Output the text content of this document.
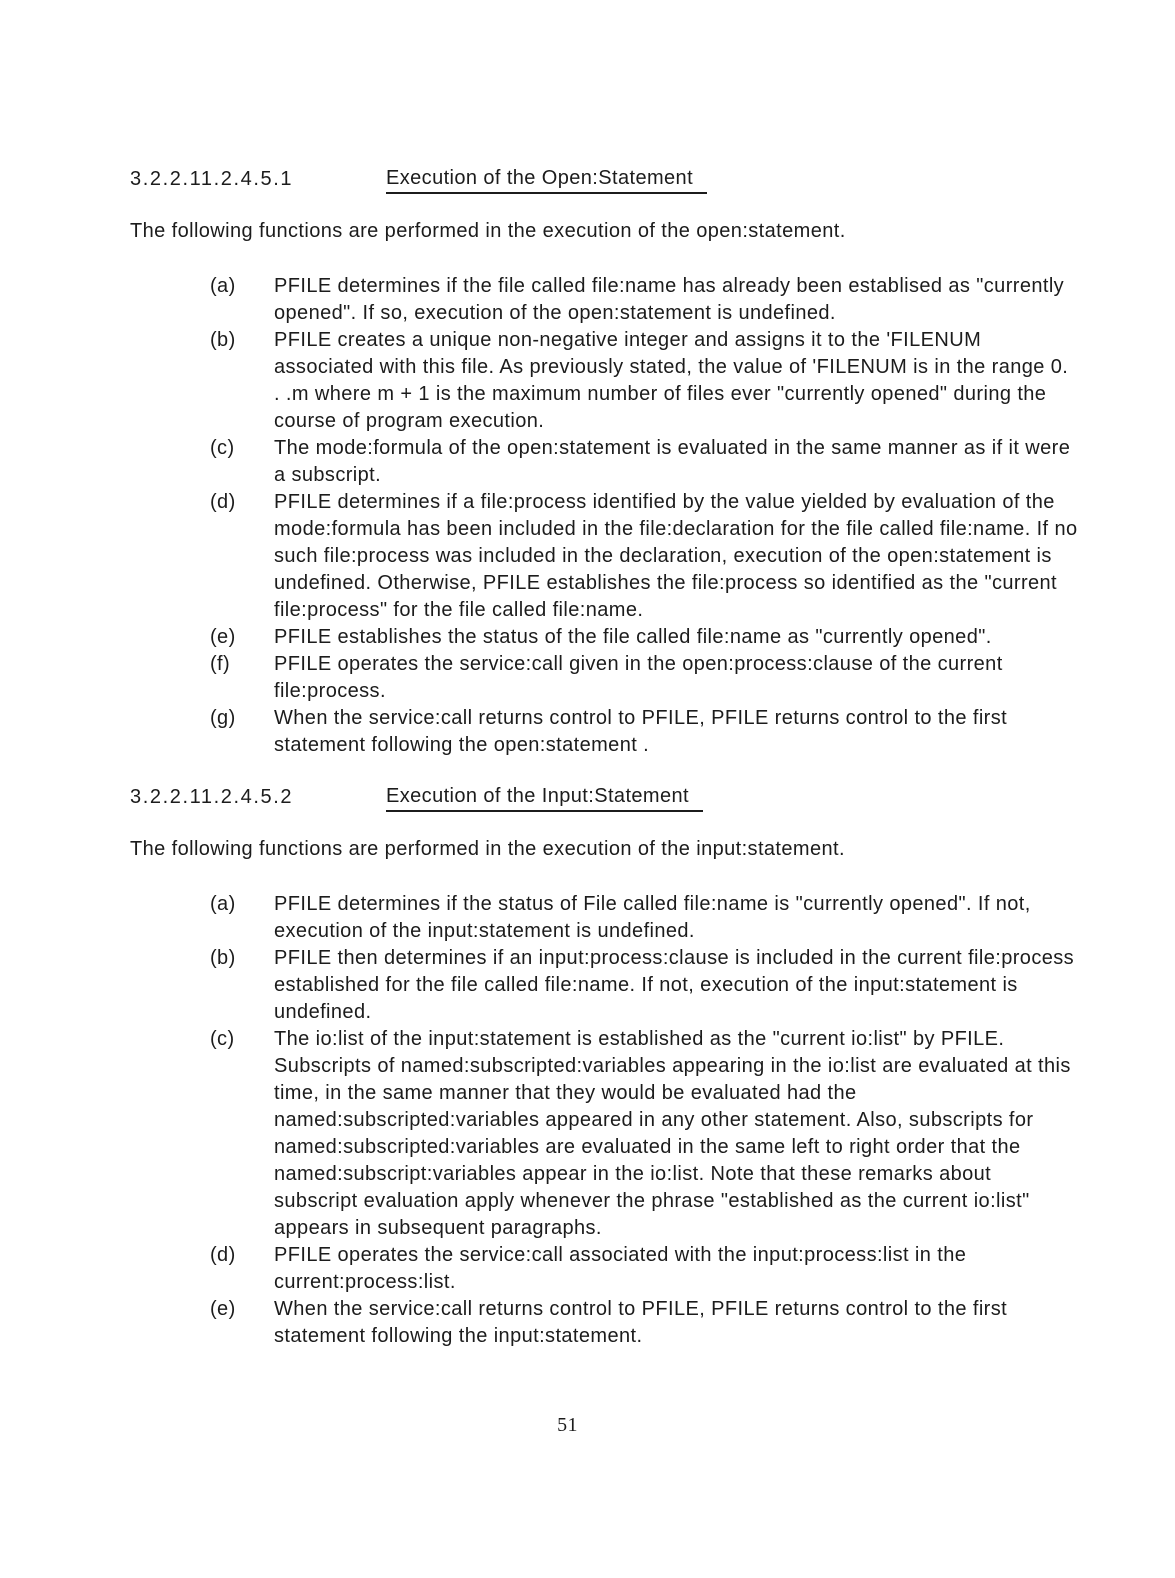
3.2.2.11.2.4.5.1	Execution of the Open:Statement
The following functions are performed in the execution of the open:statement.
(a)	PFILE determines if the file called file:name has already been establised as "currently opened". If so, execution of the open:statement is undefined.
(b)	PFILE creates a unique non-negative integer and assigns it to the 'FILENUM associated with this file. As previously stated, the value of 'FILENUM is in the range 0. . .m where m + 1 is the maximum number of files ever "currently opened" during the course of program execution.
(c)	The mode:formula of the open:statement is evaluated in the same manner as if it were a subscript.
(d)	PFILE determines if a file:process identified by the value yielded by evaluation of the mode:formula has been included in the file:declaration for the file called file:name. If no such file:process was included in the declaration, execution of the open:statement is undefined. Otherwise, PFILE establishes the file:process so identified as the "current file:process" for the file called file:name.
(e)	PFILE establishes the status of the file called file:name as "currently opened".
(f)	PFILE operates the service:call given in the open:process:clause of the current file:process.
(g)	When the service:call returns control to PFILE, PFILE returns control to the first statement following the open:statement .
3.2.2.11.2.4.5.2	Execution of the Input:Statement
The following functions are performed in the execution of the input:statement.
(a)	PFILE determines if the status of File called file:name is "currently opened". If not, execution of the input:statement is undefined.
(b)	PFILE then determines if an input:process:clause is included in the current file:process established for the file called file:name. If not, execution of the input:statement is undefined.
(c)	The io:list of the input:statement is established as the "current io:list" by PFILE. Subscripts of named:subscripted:variables appearing in the io:list are evaluated at this time, in the same manner that they would be evaluated had the named:subscripted:variables appeared in any other statement. Also, subscripts for named:subscripted:variables are evaluated in the same left to right order that the named:subscript:variables appear in the io:list. Note that these remarks about subscript evaluation apply whenever the phrase "established as the current io:list" appears in subsequent paragraphs.
(d)	PFILE operates the service:call associated with the input:process:list in the current:process:list.
(e)	When the service:call returns control to PFILE, PFILE returns control to the first statement following the input:statement.
51
